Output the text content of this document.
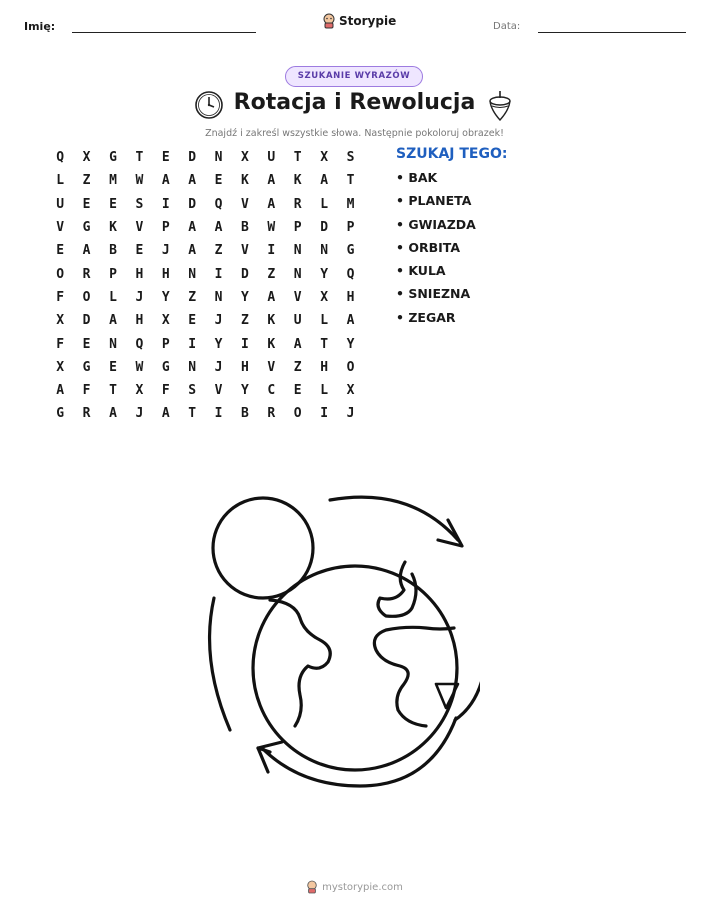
Imię:	Storypie	Data:
SZUKANIE WYRAZÓW
Rotacja i Rewolucja
Znajdź i zakreśl wszystkie słowa. Następnie pokoloruj obrazek!
Q	X	G	T	E	D	N	X	U	T	X	S
L	Z	M	W	A	A	E	K	A	K	A	T
U	E	E	S	I	D	Q	V	A	R	L	M
V	G	K	V	P	A	A	B	W	P	D	P
E	A	B	E	J	A	Z	V	I	N	N	G
O	R	P	H	H	N	I	D	Z	N	Y	Q
F	O	L	J	Y	Z	N	Y	A	V	X	H
X	D	A	H	X	E	J	Z	K	U	L	A
F	E	N	Q	P	I	Y	I	K	A	T	Y
X	G	E	W	G	N	J	H	V	Z	H	O
A	F	T	X	F	S	V	Y	C	E	L	X
G	R	A	J	A	T	I	B	R	O	I	J
SZUKAJ TEGO:
• BAK
• PLANETA
• GWIAZDA
• ORBITA
• KULA
• SNIEZNA
• ZEGAR
mystorypie.com
